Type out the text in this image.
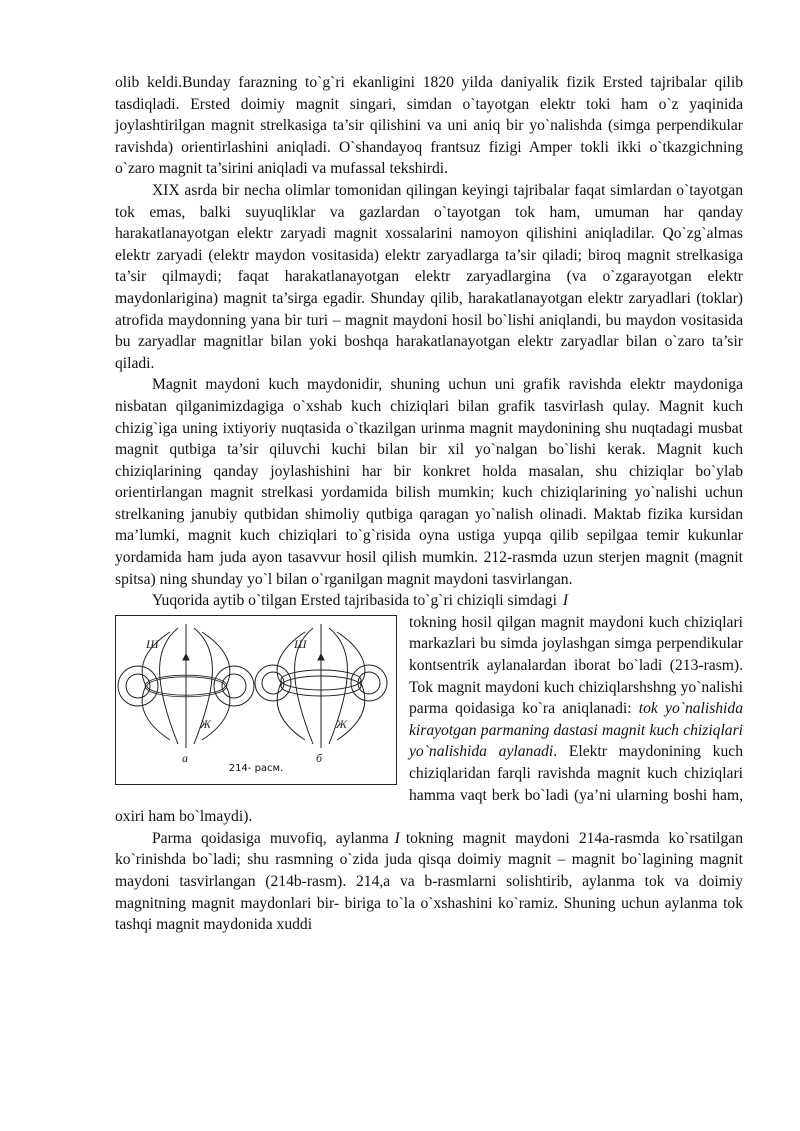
olib keldi.Bunday farazning to`g`ri ekanligini 1820 yilda daniyalik fizik Ersted tajribalar qilib tasdiqladi. Ersted doimiy magnit singari, simdan o`tayotgan elektr toki ham o`z yaqinida joylashtirilgan magnit strelkasiga ta’sir qilishini va uni aniq bir yo`nalishda (simga perpendikular ravishda) orientirlashini aniqladi. O`shandayoq frantsuz fizigi Amper tokli ikki o`tkazgichning o`zaro magnit ta’sirini aniqladi va mufassal tekshirdi.

XIX asrda bir necha olimlar tomonidan qilingan keyingi tajribalar faqat simlardan o`tayotgan tok emas, balki suyuqliklar va gazlardan o`tayotgan tok ham, umuman har qanday harakatlanayotgan elektr zaryadi magnit xossalarini namoyon qilishini aniqladilar. Qo`zg`almas elektr zaryadi (elektr maydon vositasida) elektr zaryadlarga ta’sir qiladi; biroq magnit strelkasiga ta’sir qilmaydi; faqat harakatlanayotgan elektr zaryadlargina (va o`zgarayotgan elektr maydonlarigina) magnit ta’sirga egadir. Shunday qilib, harakatlanayotgan elektr zaryadlari (toklar) atrofida maydonning yana bir turi – magnit maydoni hosil bo`lishi aniqlandi, bu maydon vositasida bu zaryadlar magnitlar bilan yoki boshqa harakatlanayotgan elektr zaryadlar bilan o`zaro ta’sir qiladi.

Magnit maydoni kuch maydonidir, shuning uchun uni grafik ravishda elektr maydoniga nisbatan qilganimizdagiga o`xshab kuch chiziqlari bilan grafik tasvirlash qulay. Magnit kuch chizig`iga uning ixtiyoriy nuqtasida o`tkazilgan urinma magnit maydonining shu nuqtadagi musbat magnit qutbiga ta’sir qiluvchi kuchi bilan bir xil yo`nalgan bo`lishi kerak. Magnit kuch chiziqlarining qanday joylashishini har bir konkret holda masalan, shu chiziqlar bo`ylab orientirlangan magnit strelkasi yordamida bilish mumkin; kuch chiziqlarining yo`nalishi uchun strelkaning janubiy qutbidan shimoliy qutbiga qaragan yo`nalish olinadi. Maktab fizika kursidan ma’lumki, magnit kuch chiziqlari to`g`risida oyna ustiga yupqa qilib sepilgaa temir kukunlar yordamida ham juda ayon tasavvur hosil qilish mumkin. 212-rasmda uzun sterjen magnit (magnit spitsa) ning shunday yo`l bilan o`rganilgan magnit maydoni tasvirlangan.

Yuqorida aytib o`tilgan Ersted tajribasida to`g`ri chiziqli simdagi I

Ш
Ж
Ш
Ж
a	б
214- расм.

tokning hosil qilgan magnit maydoni kuch chiziqlari markazlari bu simda joylashgan simga perpendikular kontsentrik aylanalardan iborat bo`ladi (213-rasm). Tok magnit maydoni kuch chiziqlarshshng yo`nalishi parma qoidasiga ko`ra aniqlanadi: tok yo`nalishida kirayotgan parmaning dastasi magnit kuch chiziqlari yo`nalishida aylanadi. Elektr maydonining kuch chiziqlaridan farqli ravishda magnit kuch chiziqlari hamma vaqt berk bo`ladi (ya’ni ularning boshi ham, oxiri ham bo`lmaydi).

Parma qoidasiga muvofiq, aylanma I tokning magnit maydoni 214a-rasmda ko`rsatilgan ko`rinishda bo`ladi; shu rasmning o`zida juda qisqa doimiy magnit – magnit bo`lagining magnit maydoni tasvirlangan (214b-rasm). 214,a va b-rasmlarni solishtirib, aylanma tok va doimiy magnitning magnit maydonlari bir- biriga to`la o`xshashini ko`ramiz. Shuning uchun aylanma tok tashqi magnit maydonida xuddi
